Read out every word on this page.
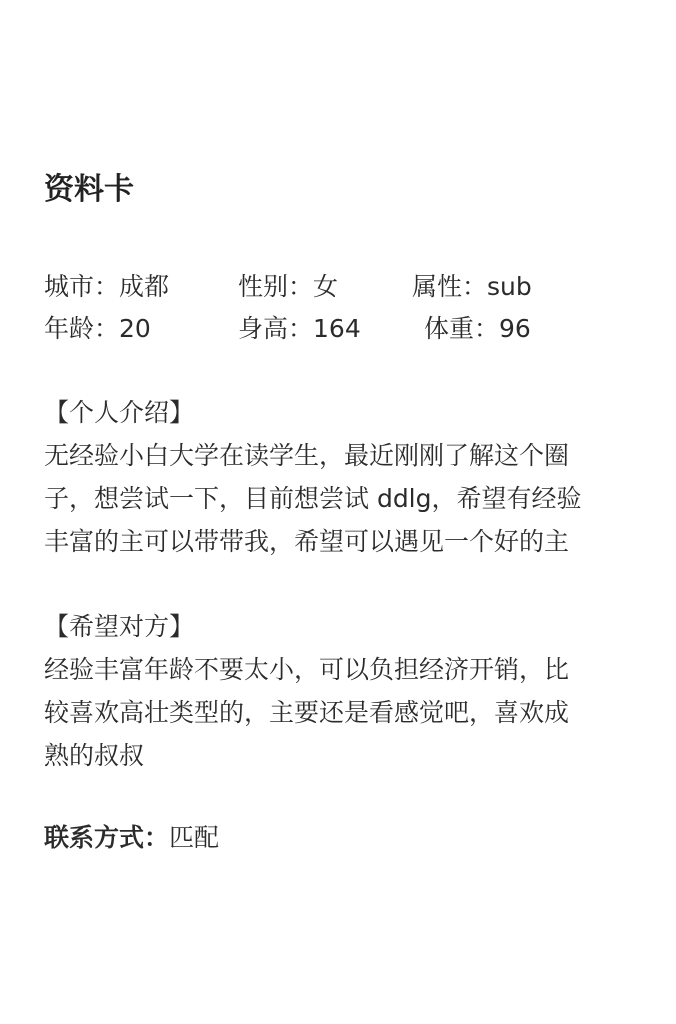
资料卡
城市：成都	性别：女	属性：sub
年龄：20	身高：164	体重：96
【个人介绍】
无经验小白大学在读学生，最近刚刚了解这个圈
子，想尝试一下，目前想尝试 ddlg，希望有经验
丰富的主可以带带我，希望可以遇见一个好的主
【希望对方】
经验丰富年龄不要太小，可以负担经济开销，比
较喜欢高壮类型的，主要还是看感觉吧，喜欢成
熟的叔叔
联系方式：匹配
